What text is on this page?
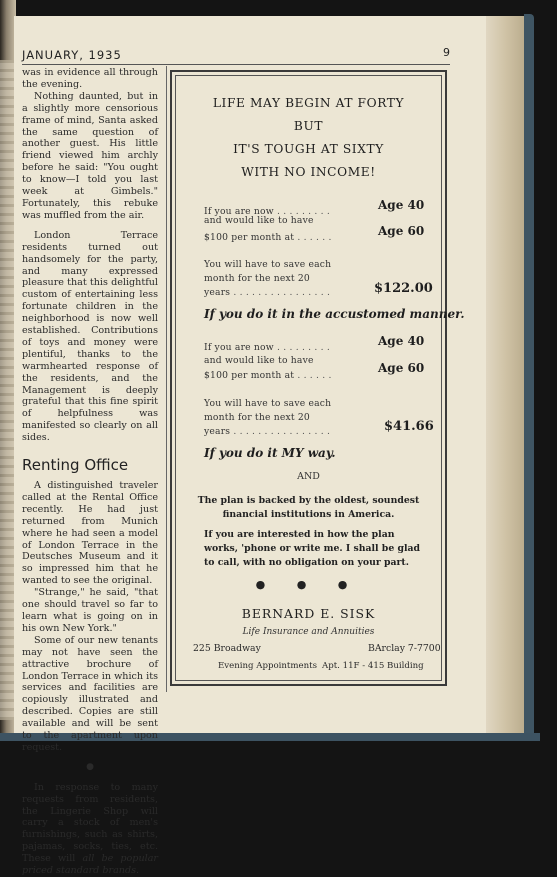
JANUARY, 1935	9

was in evidence all through the evening.

Nothing daunted, but in a slightly more censorious frame of mind, Santa asked the same question of another guest. His little friend viewed him archly before he said: "You ought to know—I told you last week at Gimbels." Fortunately, this rebuke was muffled from the air.

London Terrace residents turned out handsomely for the party, and many expressed pleasure that this delightful custom of entertaining less fortunate children in the neighborhood is now well established. Contributions of toys and money were plentiful, thanks to the warmhearted response of the residents, and the Management is deeply grateful that this fine spirit of helpfulness was manifested so clearly on all sides.

Renting Office

A distinguished traveler called at the Rental Office recently. He had just returned from Munich where he had seen a model of London Terrace in the Deutsches Museum and it so impressed him that he wanted to see the original.

"Strange," he said, "that one should travel so far to learn what is going on in his own New York."

Some of our new tenants may not have seen the attractive brochure of London Terrace in which its services and facilities are copiously illustrated and described. Copies are still available and will be sent to the apartment upon request.

●

In response to many requests from residents, the Lingerie Shop will carry a stock of men's furnishings, such as shirts, pajamas, socks, ties, etc. These will all be popular priced standard brands.

LIFE MAY BEGIN AT FORTY
BUT
IT'S TOUGH AT SIXTY
WITH NO INCOME!
If you are now . . . . . . . . .	Age 40
and would like to have
$100 per month at . . . . . .	Age 60
You will have to save each
month for the next 20
years . . . . . . . . . . . . . . . .	$122.00
If you do it in the accustomed manner.
If you are now . . . . . . . . .	Age 40
and would like to have
$100 per month at . . . . . .
Age 60
You will have to save each
month for the next 20
years . . . . . . . . . . . . . . . .	$41.66
If you do it MY way.
AND
The plan is backed by the oldest, soundest financial institutions in America.
If you are interested in how the plan works, 'phone or write me. I shall be glad to call, with no obligation on your part.
● ● ●
BERNARD E. SISK
Life Insurance and Annuities
225 Broadway	BArclay 7-7700
Evening Appointments Apt. 11F - 415 Building
